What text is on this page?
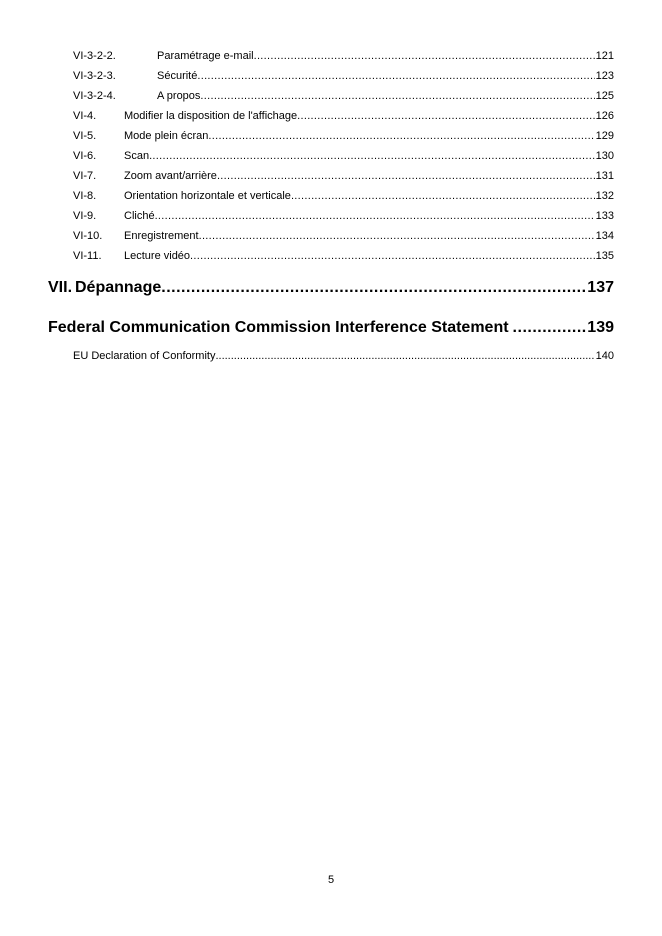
VI-3-2-2.	Paramétrage e-mail .....	121
VI-3-2-3.	Sécurité .....	123
VI-3-2-4.	A propos .....	125
VI-4.	Modifier la disposition de l'affichage .....	126
VI-5.	Mode plein écran .....	129
VI-6.	Scan .....	130
VI-7.	Zoom avant/arrière .....	131
VI-8.	Orientation horizontale et verticale .....	132
VI-9.	Cliché .....	133
VI-10.	Enregistrement .....	134
VI-11.	Lecture vidéo .....	135
VII. Dépannage .....	137
Federal Communication Commission Interference Statement .....	139
EU Declaration of Conformity .....	140
5
